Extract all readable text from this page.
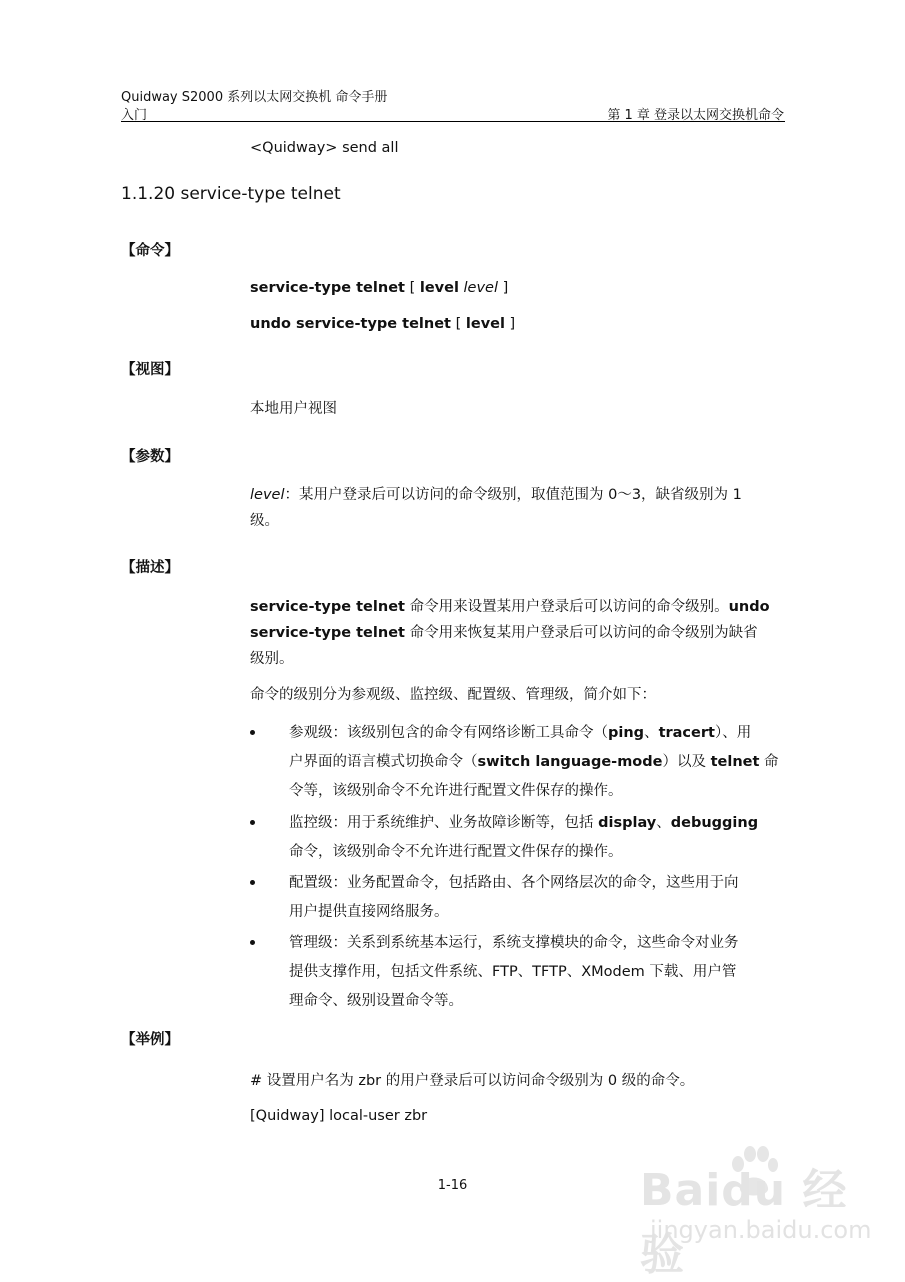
Quidway S2000 系列以太网交换机 命令手册
入门	第 1 章 登录以太网交换机命令
<Quidway> send all
1.1.20 service-type telnet
【命令】
service-type telnet [ level level ]
undo service-type telnet [ level ]
【视图】
本地用户视图
【参数】
level：某用户登录后可以访问的命令级别，取值范围为 0～3，缺省级别为 1
级。
【描述】
service-type telnet 命令用来设置某用户登录后可以访问的命令级别。undo
service-type telnet 命令用来恢复某用户登录后可以访问的命令级别为缺省
级别。
命令的级别分为参观级、监控级、配置级、管理级，简介如下：
参观级：该级别包含的命令有网络诊断工具命令（ping、tracert）、用
户界面的语言模式切换命令（switch language-mode）以及 telnet 命
令等，该级别命令不允许进行配置文件保存的操作。
监控级：用于系统维护、业务故障诊断等，包括 display、debugging
命令，该级别命令不允许进行配置文件保存的操作。
配置级：业务配置命令，包括路由、各个网络层次的命令，这些用于向
用户提供直接网络服务。
管理级：关系到系统基本运行，系统支撑模块的命令，这些命令对业务
提供支撑作用，包括文件系统、FTP、TFTP、XModem 下载、用户管
理命令、级别设置命令等。
【举例】
# 设置用户名为 zbr 的用户登录后可以访问命令级别为 0 级的命令。
[Quidway] local-user zbr
1-16	Baidu 经验
jingyan.baidu.com
